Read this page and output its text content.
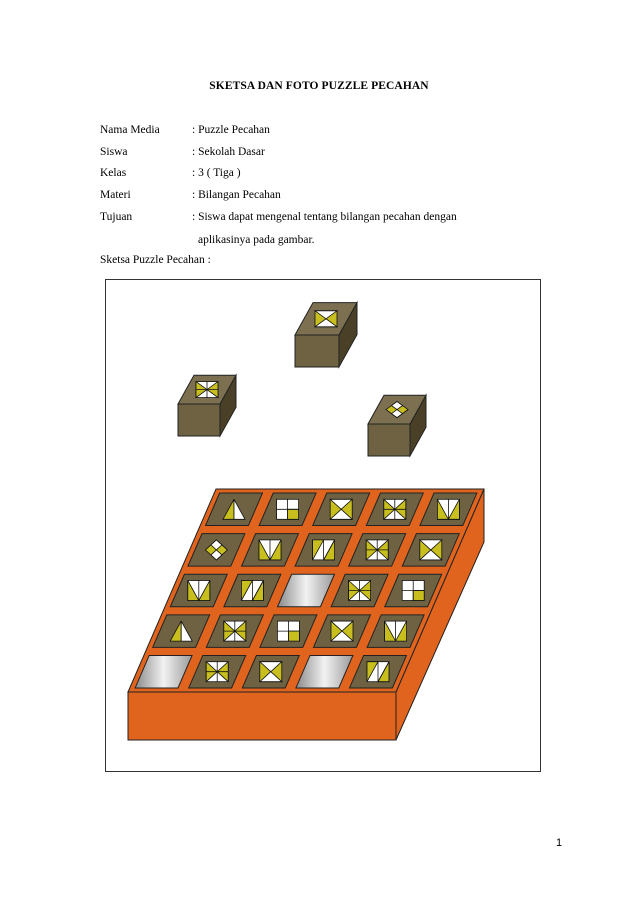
SKETSA DAN FOTO PUZZLE PECAHAN
Nama Media	: Puzzle Pecahan
Siswa	: Sekolah Dasar
Kelas	: 3 ( Tiga )
Materi	: Bilangan Pecahan
Tujuan	: Siswa dapat mengenal tentang bilangan pecahan dengan
aplikasinya pada gambar.
Sketsa Puzzle Pecahan :
1
